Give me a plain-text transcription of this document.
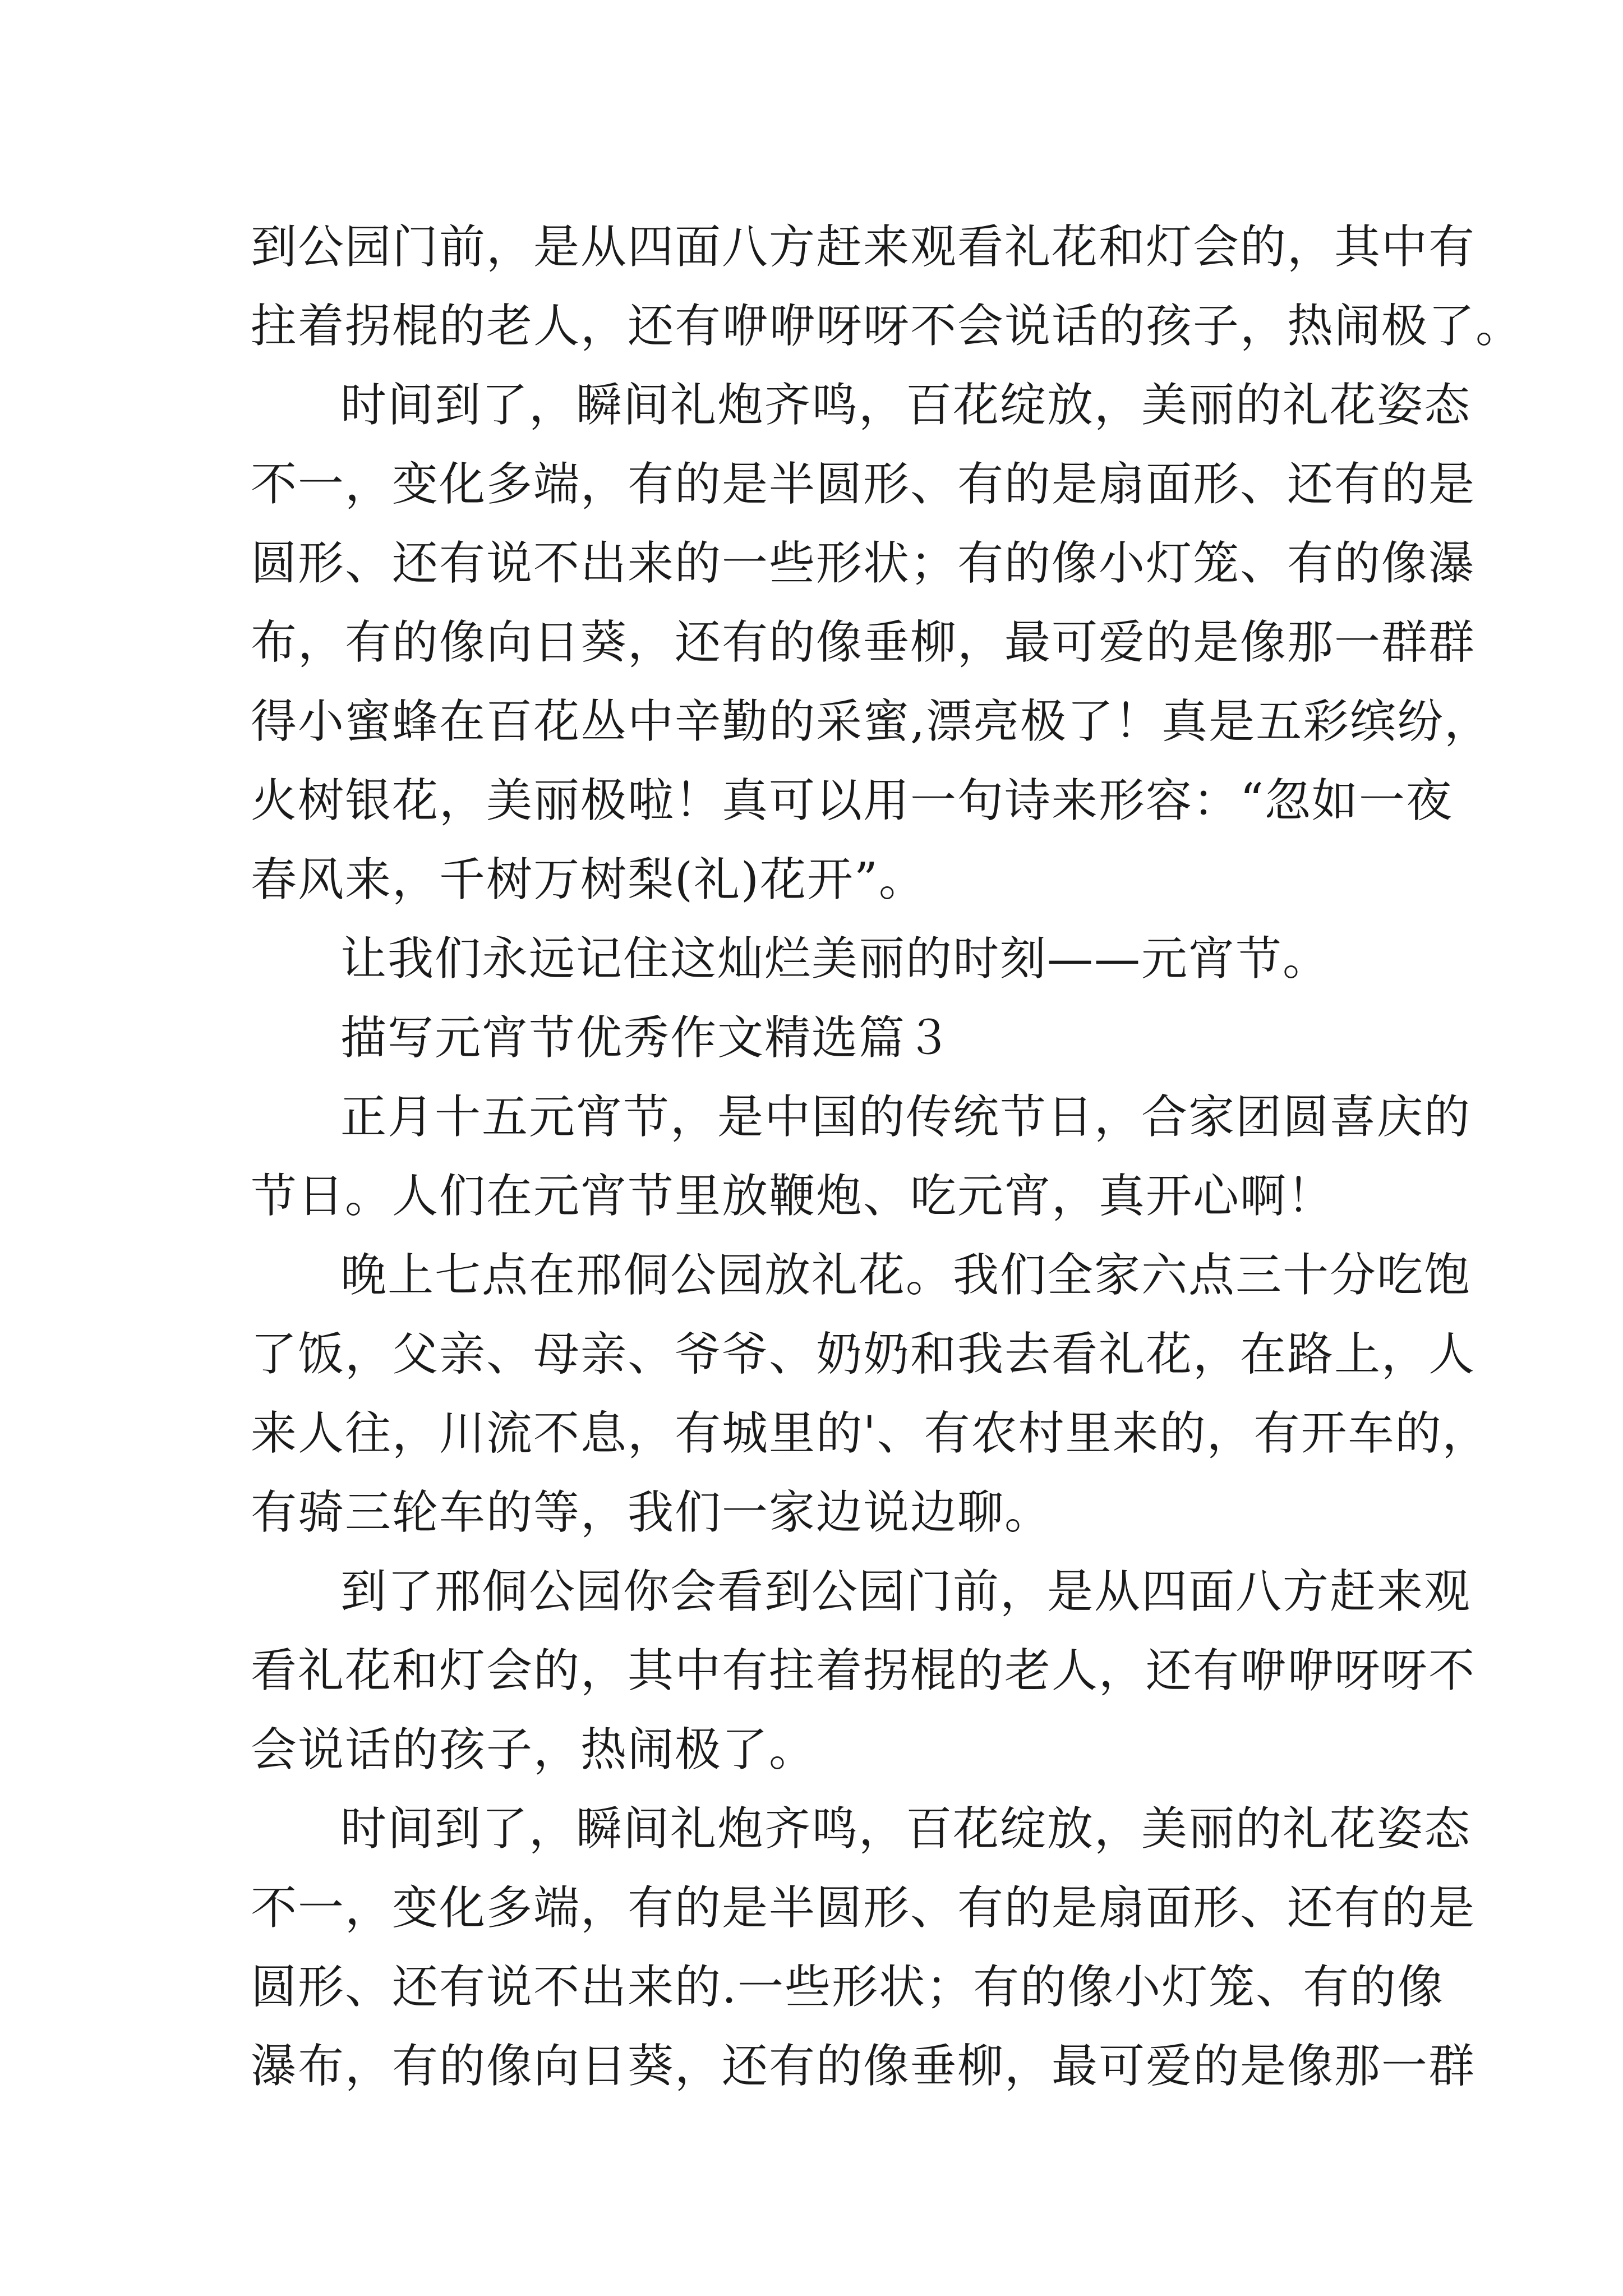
到公园门前，是从四面八方赶来观看礼花和灯会的，其中有
拄着拐棍的老人，还有咿咿呀呀不会说话的孩子，热闹极了。
时间到了，瞬间礼炮齐鸣，百花绽放，美丽的礼花姿态
不一，变化多端，有的是半圆形、有的是扇面形、还有的是
圆形、还有说不出来的一些形状；有的像小灯笼、有的像瀑
布，有的像向日葵，还有的像垂柳，最可爱的是像那一群群
得小蜜蜂在百花丛中辛勤的采蜜,漂亮极了！真是五彩缤纷，
火树银花，美丽极啦！真可以用一句诗来形容：“忽如一夜
春风来，千树万树梨(礼)花开”。
让我们永远记住这灿烂美丽的时刻——元宵节。
描写元宵节优秀作文精选篇３
正月十五元宵节，是中国的传统节日，合家团圆喜庆的
节日。人们在元宵节里放鞭炮、吃元宵，真开心啊！
晚上七点在邢侗公园放礼花。我们全家六点三十分吃饱
了饭，父亲、母亲、爷爷、奶奶和我去看礼花，在路上，人
来人往，川流不息，有城里的'、有农村里来的，有开车的，
有骑三轮车的等，我们一家边说边聊。
到了邢侗公园你会看到公园门前，是从四面八方赶来观
看礼花和灯会的，其中有拄着拐棍的老人，还有咿咿呀呀不
会说话的孩子，热闹极了。
时间到了，瞬间礼炮齐鸣，百花绽放，美丽的礼花姿态
不一，变化多端，有的是半圆形、有的是扇面形、还有的是
圆形、还有说不出来的.一些形状；有的像小灯笼、有的像
瀑布，有的像向日葵，还有的像垂柳，最可爱的是像那一群
